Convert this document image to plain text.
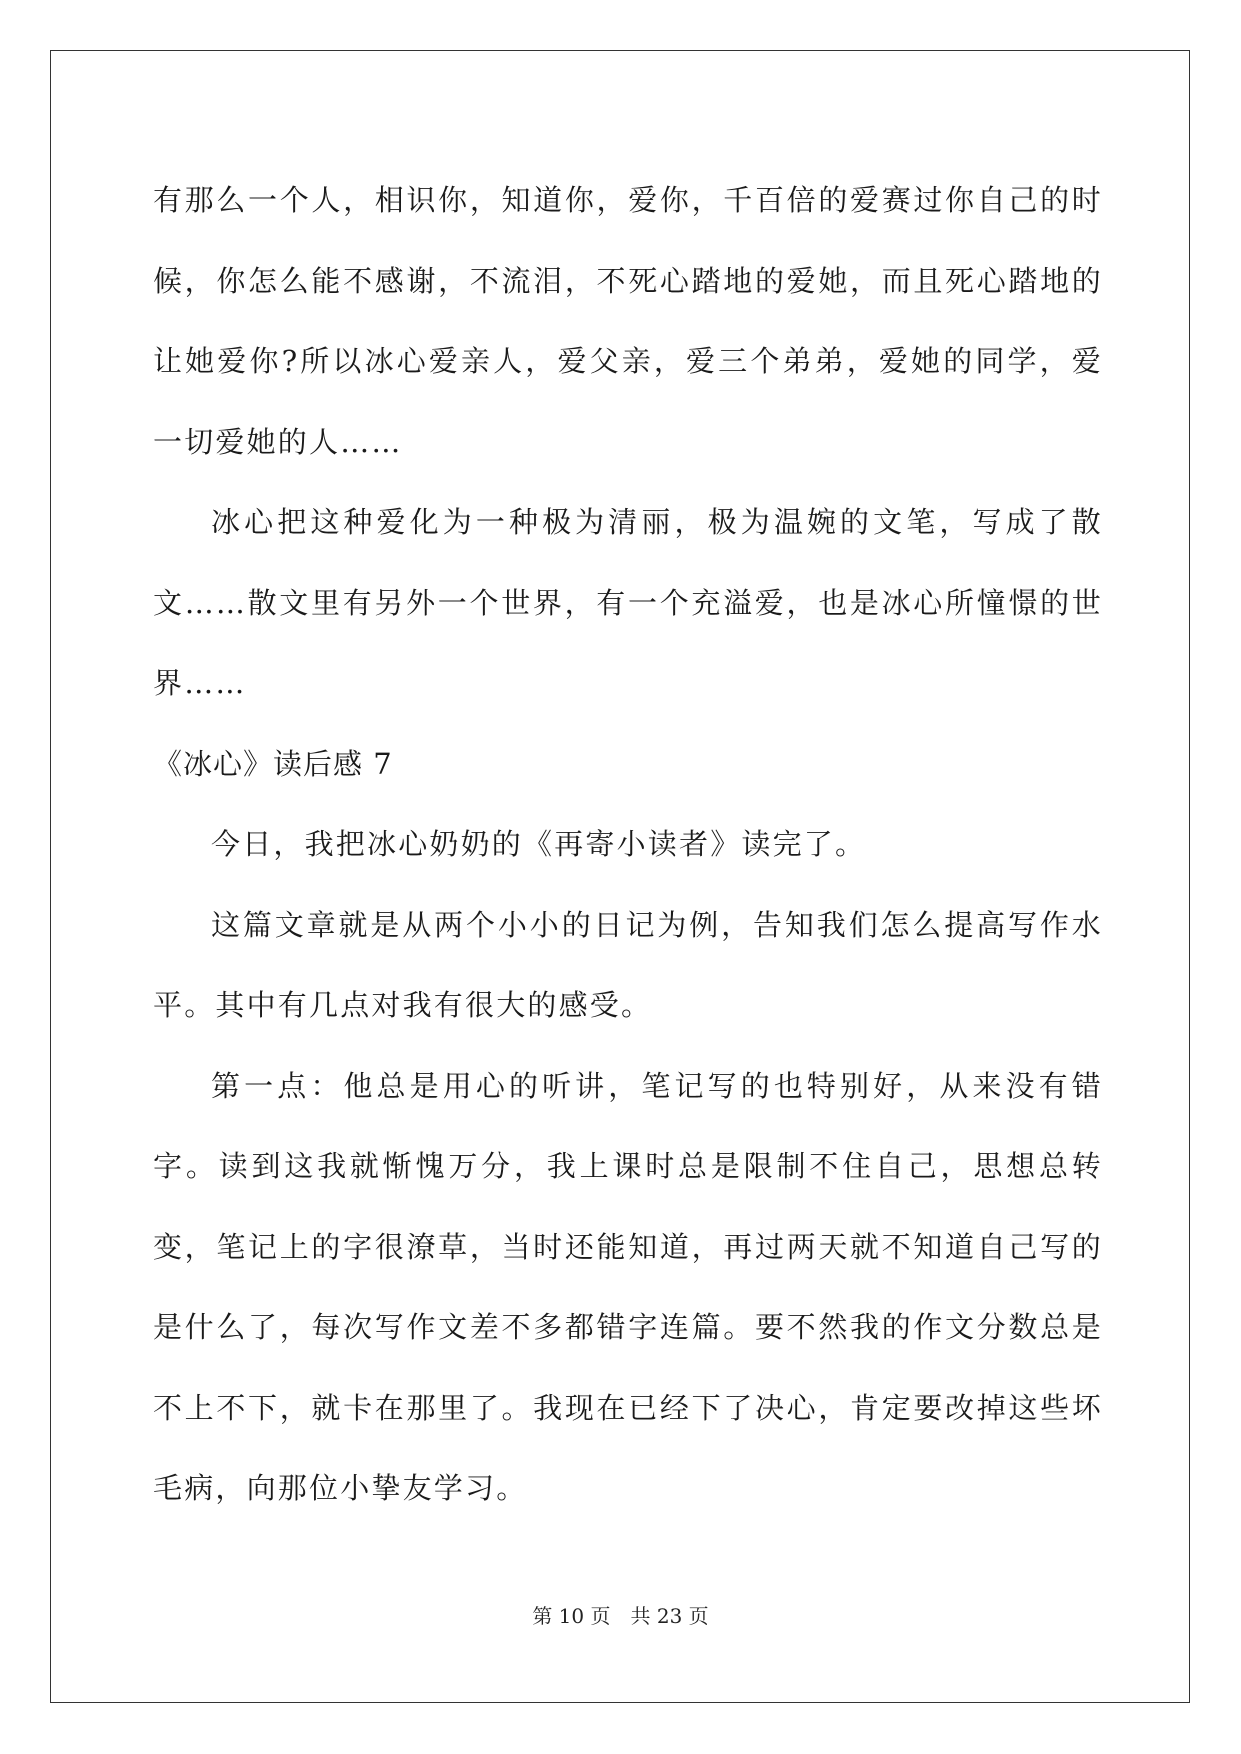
有那么一个人，相识你，知道你，爱你，千百倍的爱赛过你自己的时候，你怎么能不感谢，不流泪，不死心踏地的爱她，而且死心踏地的让她爱你?所以冰心爱亲人，爱父亲，爱三个弟弟，爱她的同学，爱一切爱她的人……

冰心把这种爱化为一种极为清丽，极为温婉的文笔，写成了散文……散文里有另外一个世界，有一个充溢爱，也是冰心所憧憬的世界……

《冰心》读后感 7

今日，我把冰心奶奶的《再寄小读者》读完了。

这篇文章就是从两个小小的日记为例，告知我们怎么提高写作水平。其中有几点对我有很大的感受。

第一点：他总是用心的听讲，笔记写的也特别好，从来没有错字。读到这我就惭愧万分，我上课时总是限制不住自己，思想总转变，笔记上的字很潦草，当时还能知道，再过两天就不知道自己写的是什么了，每次写作文差不多都错字连篇。要不然我的作文分数总是不上不下，就卡在那里了。我现在已经下了决心，肯定要改掉这些坏毛病，向那位小挚友学习。

第 10 页　共 23 页
